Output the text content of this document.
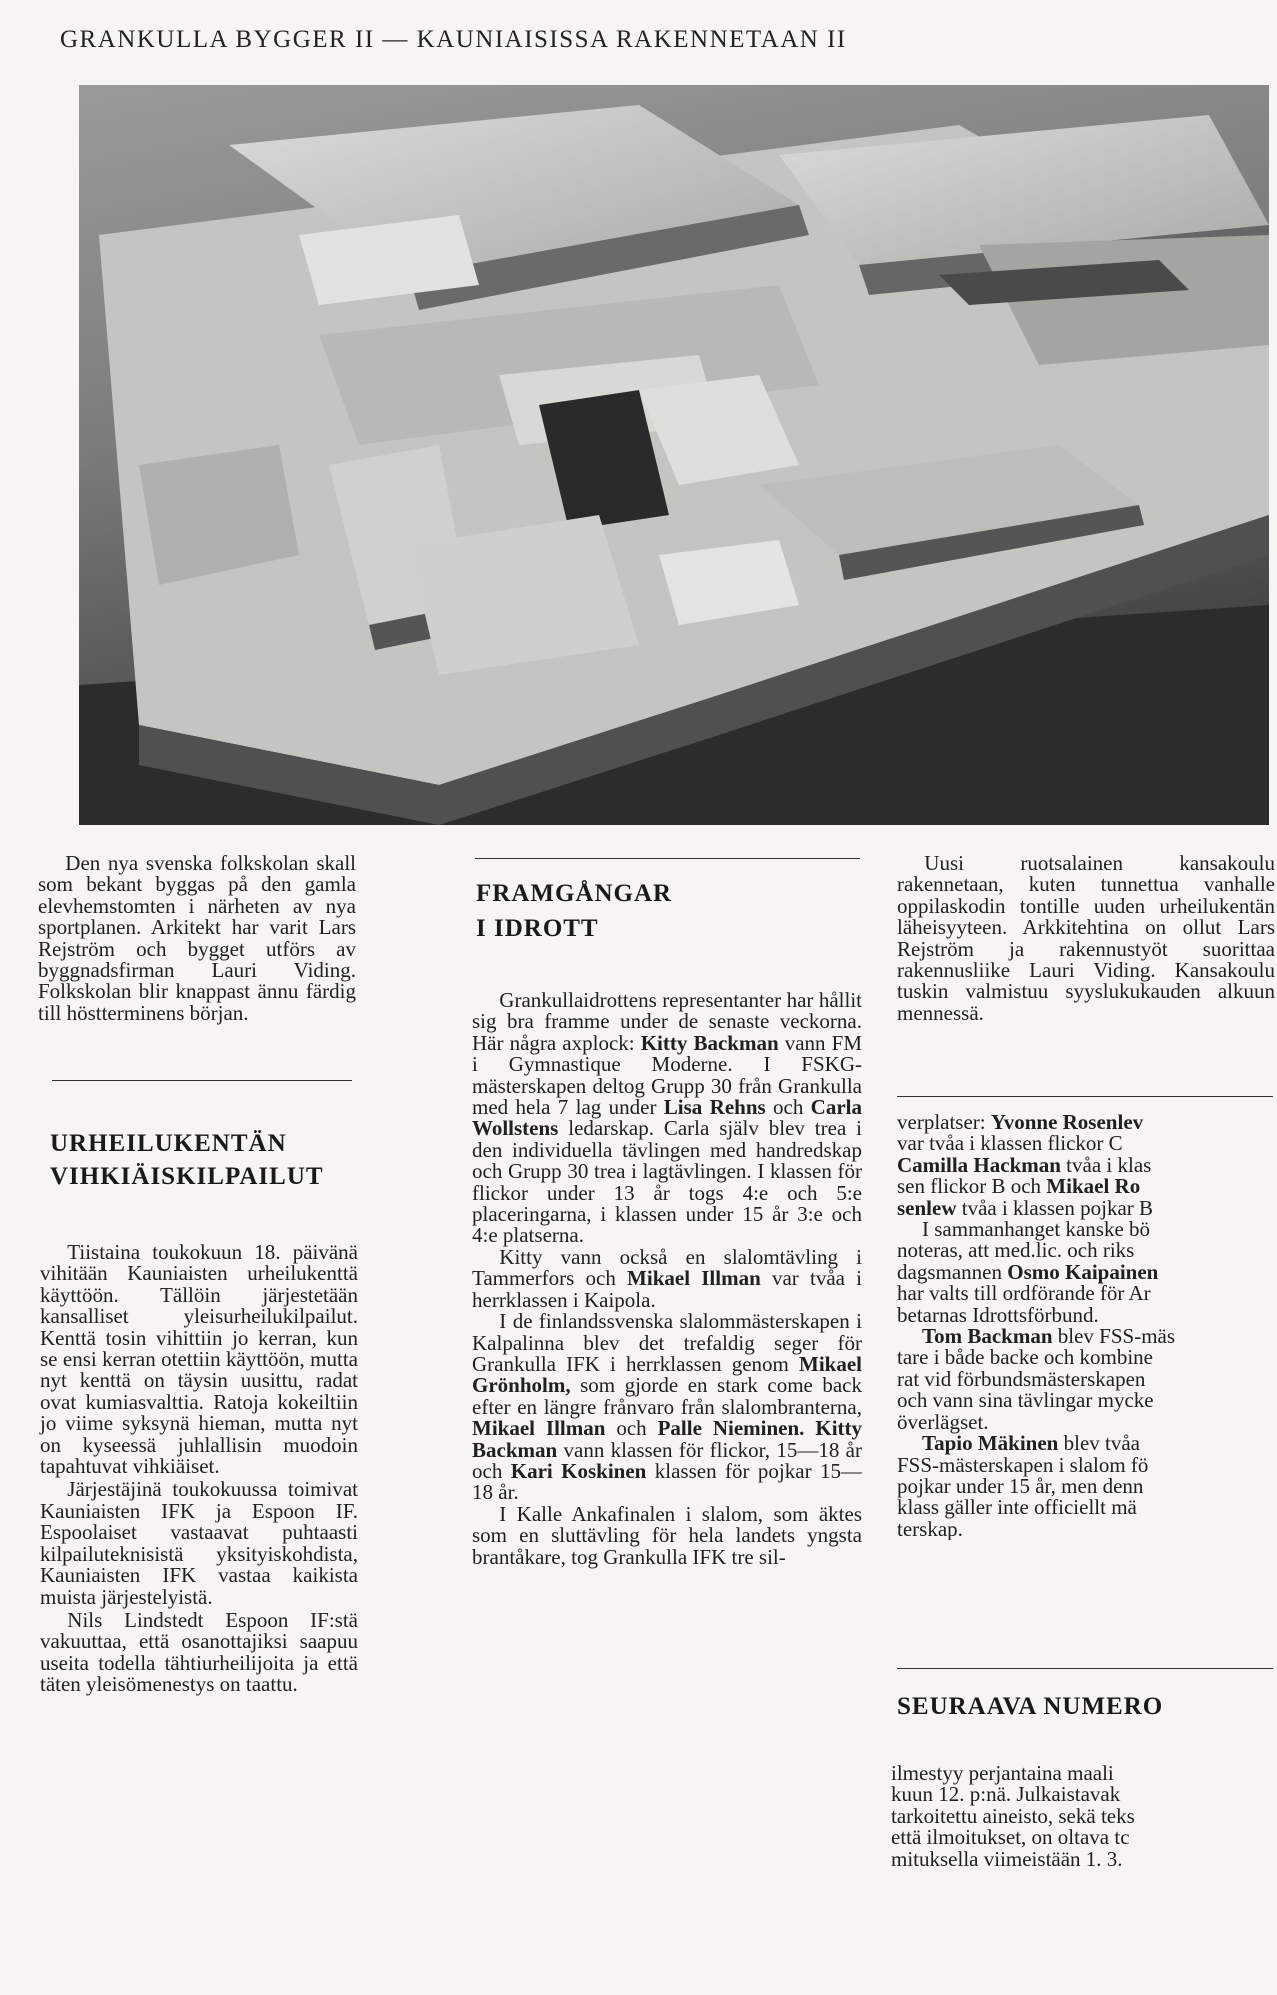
GRANKULLA BYGGER II — KAUNIAISISSA RAKENNETAAN II

Den nya svenska folkskolan skall som bekant byggas på den gamla elevhemstomten i närheten av nya sportplanen. Arkitekt har varit Lars Rejström och bygget utförs av byggnadsfirman Lauri Viding. Folkskolan blir knappast ännu färdig till höstterminens början.

URHEILUKENTÄN
VIHKIÄISKILPAILUT

Tiistaina toukokuun 18. päivänä vihitään Kauniaisten urheilukenttä käyttöön. Tällöin järjestetään kansalliset yleisurheilukilpailut. Kenttä tosin vihittiin jo kerran, kun se ensi kerran otettiin käyttöön, mutta nyt kenttä on täysin uusittu, radat ovat kumiasvalttia. Ratoja kokeiltiin jo viime syksynä hieman, mutta nyt on kyseessä juhlallisin muodoin tapahtuvat vihkiäiset.

Järjestäjinä toukokuussa toimivat Kauniaisten IFK ja Espoon IF. Espoolaiset vastaavat puhtaasti kilpailuteknisistä yksityiskohdista, Kauniaisten IFK vastaa kaikista muista järjestelyistä.

Nils Lindstedt Espoon IF:stä vakuuttaa, että osanottajiksi saapuu useita todella tähtiurheilijoita ja että täten yleisömenestys on taattu.

FRAMGÅNGAR
I IDROTT

Grankullaidrottens representanter har hållit sig bra framme under de senaste veckorna. Här några axplock: Kitty Backman vann FM i Gymnastique Moderne. I FSKG-mästerskapen deltog Grupp 30 från Grankulla med hela 7 lag under Lisa Rehns och Carla Wollstens ledarskap. Carla själv blev trea i den individuella tävlingen med handredskap och Grupp 30 trea i lagtävlingen. I klassen för flickor under 13 år togs 4:e och 5:e placeringarna, i klassen under 15 år 3:e och 4:e platserna.

Kitty vann också en slalomtävling i Tammerfors och Mikael Illman var tvåa i herrklassen i Kaipola.

I de finlandssvenska slalommästerskapen i Kalpalinna blev det trefaldig seger för Grankulla IFK i herrklassen genom Mikael Grönholm, som gjorde en stark come back efter en längre frånvaro från slalombranterna, Mikael Illman och Palle Nieminen. Kitty Backman vann klassen för flickor, 15—18 år och Kari Koskinen klassen för pojkar 15—18 år.

I Kalle Ankafinalen i slalom, som äktes som en sluttävling för hela landets yngsta brantåkare, tog Grankulla IFK tre sil-

Uusi ruotsalainen kansakoulu rakennetaan, kuten tunnettua vanhalle oppilaskodin tontille uuden urheilukentän läheisyyteen. Arkkitehtina on ollut Lars Rejström ja rakennustyöt suorittaa rakennusliike Lauri Viding. Kansakoulu tuskin valmistuu syyslukukauden alkuun mennessä.

verplatser: Yvonne Rosenlev

var tvåa i klassen flickor C

Camilla Hackman tvåa i klas

sen flickor B och Mikael Ro

senlew tvåa i klassen pojkar B

I sammanhanget kanske bö

noteras, att med.lic. och riks

dagsmannen Osmo Kaipainen

har valts till ordförande för Ar

betarnas Idrottsförbund.

Tom Backman blev FSS-mäs

tare i både backe och kombine

rat vid förbundsmästerskapen

och vann sina tävlingar mycke

överlägset.

Tapio Mäkinen blev tvåa

FSS-mästerskapen i slalom fö

pojkar under 15 år, men denn

klass gäller inte officiellt mä

terskap.

SEURAAVA NUMERO

ilmestyy perjantaina maali

kuun 12. p:nä. Julkaistavak

tarkoitettu aineisto, sekä teks

että ilmoitukset, on oltava tc

mituksella viimeistään 1. 3.
